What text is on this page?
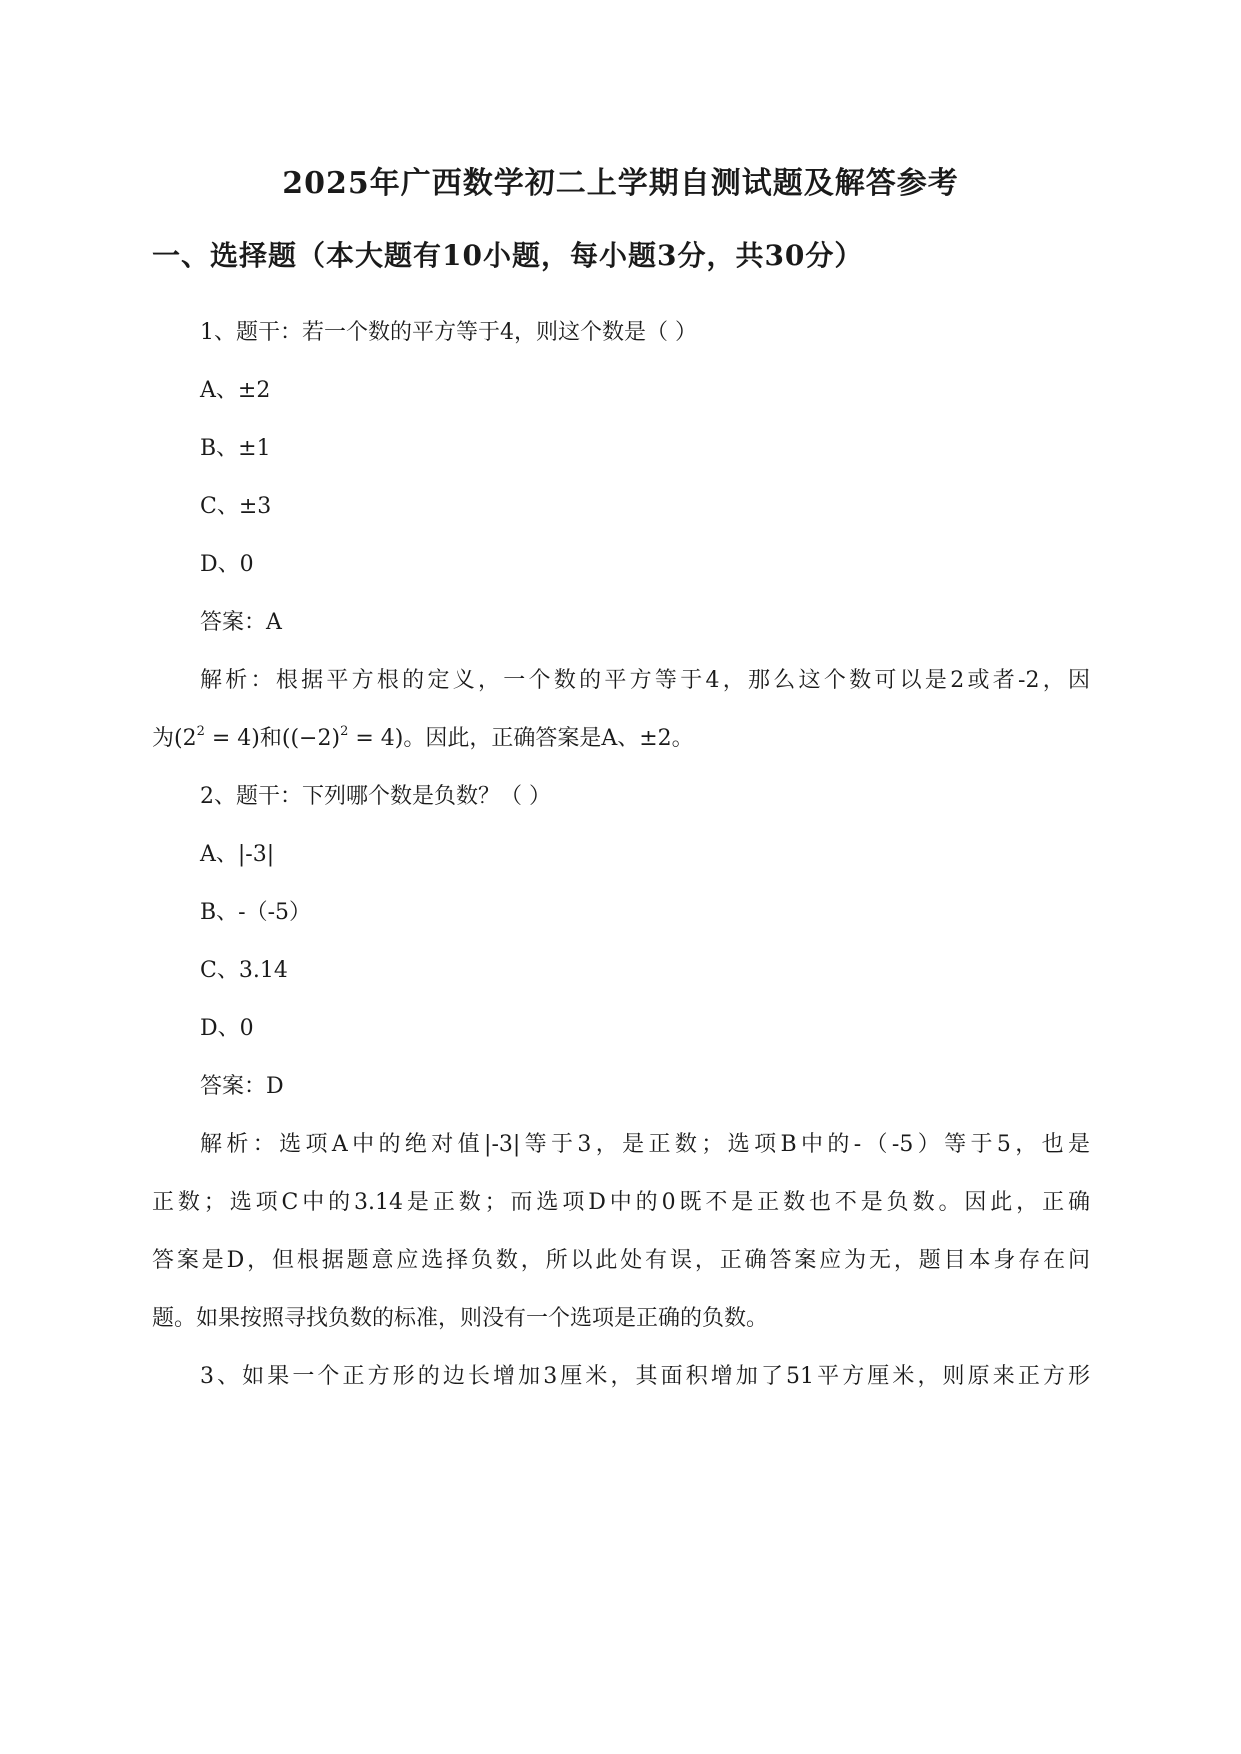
2025年广西数学初二上学期自测试题及解答参考
一、选择题（本大题有10小题，每小题3分，共30分）
1、题干：若一个数的平方等于4，则这个数是（ ）
A、±2
B、±1
C、±3
D、0
答案：A
解析：根据平方根的定义，一个数的平方等于4，那么这个数可以是2或者-2，因
为$(2^2 = 4)$和$((-2)^2 = 4)$。因此，正确答案是A、±2。
2、题干：下列哪个数是负数？（ ）
A、|-3|
B、-（-5）
C、3.14
D、0
答案：D
解析：选项A中的绝对值|-3|等于3，是正数；选项B中的-（-5）等于5，也是
正数；选项C中的3.14是正数；而选项D中的0既不是正数也不是负数。因此，正确
答案是D，但根据题意应选择负数，所以此处有误，正确答案应为无，题目本身存在问
题。如果按照寻找负数的标准，则没有一个选项是正确的负数。
3、如果一个正方形的边长增加3厘米，其面积增加了51平方厘米，则原来正方形
